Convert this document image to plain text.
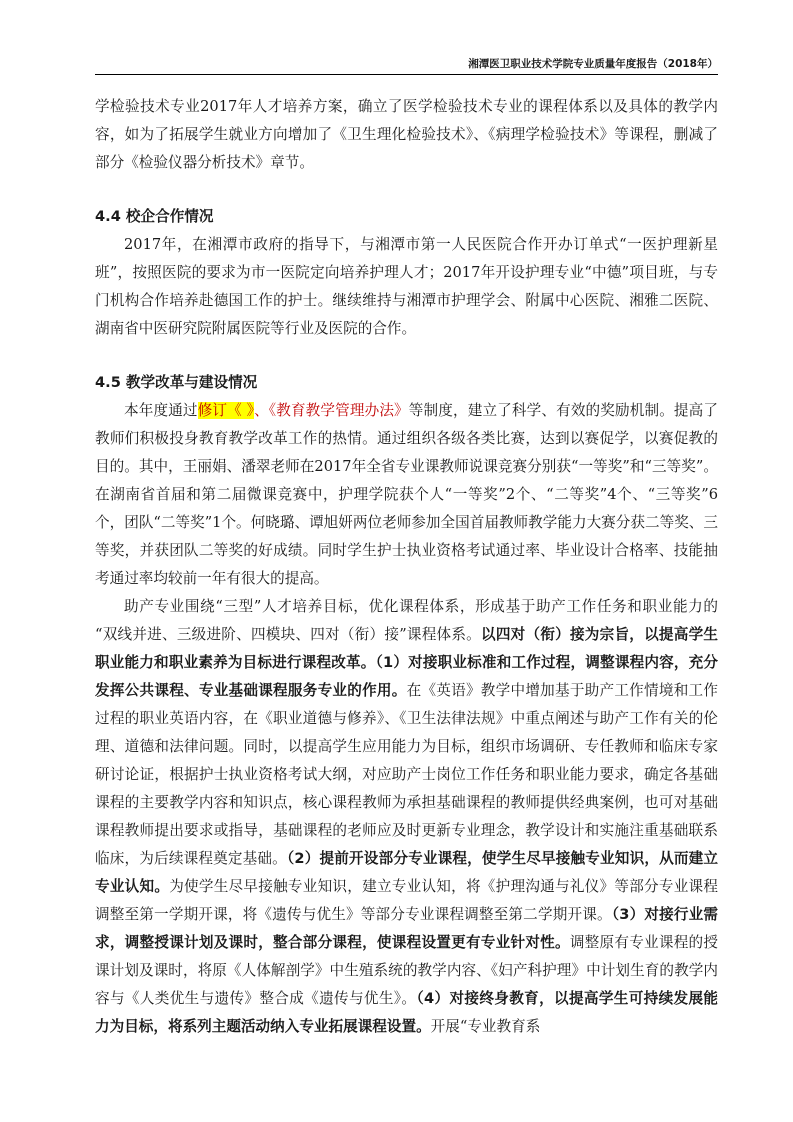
湘潭医卫职业技术学院专业质量年度报告（2018年）

学检验技术专业2017年人才培养方案，确立了医学检验技术专业的课程体系以及具体的教学内容，如为了拓展学生就业方向增加了《卫生理化检验技术》、《病理学检验技术》等课程，删减了部分《检验仪器分析技术》章节。

4.4 校企合作情况

2017年，在湘潭市政府的指导下，与湘潭市第一人民医院合作开办订单式“一医护理新星班”，按照医院的要求为市一医院定向培养护理人才；2017年开设护理专业“中德”项目班，与专门机构合作培养赴德国工作的护士。继续维持与湘潭市护理学会、附属中心医院、湘雅二医院、湖南省中医研究院附属医院等行业及医院的合作。

4.5 教学改革与建设情况

本年度通过修订《 》、《教育教学管理办法》等制度，建立了科学、有效的奖励机制。提高了教师们积极投身教育教学改革工作的热情。通过组织各级各类比赛，达到以赛促学，以赛促教的目的。其中，王丽娟、潘翠老师在2017年全省专业课教师说课竞赛分别获“一等奖”和“三等奖”。在湖南省首届和第二届微课竞赛中，护理学院获个人“一等奖”2个、“二等奖”4个、“三等奖”6个，团队“二等奖”1个。何晓璐、谭旭妍两位老师参加全国首届教师教学能力大赛分获二等奖、三等奖，并获团队二等奖的好成绩。同时学生护士执业资格考试通过率、毕业设计合格率、技能抽考通过率均较前一年有很大的提高。

助产专业围绕“三型”人才培养目标，优化课程体系，形成基于助产工作任务和职业能力的 “双线并进、三级进阶、四模块、四对（衔）接”课程体系。以四对（衔）接为宗旨，以提高学生职业能力和职业素养为目标进行课程改革。（1）对接职业标准和工作过程，调整课程内容，充分发挥公共课程、专业基础课程服务专业的作用。在《英语》教学中增加基于助产工作情境和工作过程的职业英语内容，在《职业道德与修养》、《卫生法律法规》中重点阐述与助产工作有关的伦理、道德和法律问题。同时，以提高学生应用能力为目标，组织市场调研、专任教师和临床专家研讨论证，根据护士执业资格考试大纲，对应助产士岗位工作任务和职业能力要求，确定各基础课程的主要教学内容和知识点，核心课程教师为承担基础课程的教师提供经典案例，也可对基础课程教师提出要求或指导，基础课程的老师应及时更新专业理念，教学设计和实施注重基础联系临床，为后续课程奠定基础。（2）提前开设部分专业课程，使学生尽早接触专业知识，从而建立专业认知。为使学生尽早接触专业知识，建立专业认知，将《护理沟通与礼仪》等部分专业课程调整至第一学期开课，将《遗传与优生》等部分专业课程调整至第二学期开课。（3）对接行业需求，调整授课计划及课时，整合部分课程，使课程设置更有专业针对性。调整原有专业课程的授课计划及课时，将原《人体解剖学》中生殖系统的教学内容、《妇产科护理》中计划生育的教学内容与《人类优生与遗传》整合成《遗传与优生》。（4）对接终身教育，以提高学生可持续发展能力为目标，将系列主题活动纳入专业拓展课程设置。开展“专业教育系
